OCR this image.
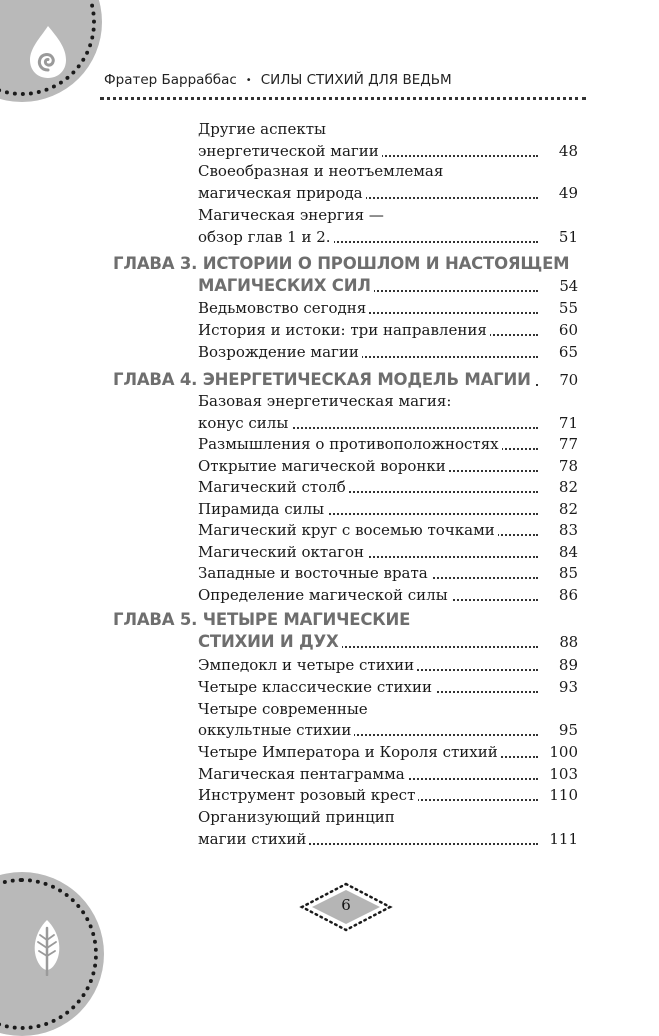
Фратер Барраббас • СИЛЫ СТИХИЙ ДЛЯ ВЕДЬМ
Другие аспекты
энергетической магии	48
Своеобразная и неотъемлемая
магическая природа	49
Магическая энергия —
обзор глав 1 и 2.	51
ГЛАВА 3. ИСТОРИИ О ПРОШЛОМ И НАСТОЯЩЕМ
МАГИЧЕСКИХ СИЛ	54
Ведьмовство сегодня	55
История и истоки: три направления	60
Возрождение магии	65
ГЛАВА 4. ЭНЕРГЕТИЧЕСКАЯ МОДЕЛЬ МАГИИ	70
Базовая энергетическая магия:
конус силы	71
Размышления о противоположностях	77
Открытие магической воронки	78
Магический столб	82
Пирамида силы	82
Магический круг с восемью точками	83
Магический октагон	84
Западные и восточные врата	85
Определение магической силы	86
ГЛАВА 5. ЧЕТЫРЕ МАГИЧЕСКИЕ
СТИХИИ И ДУХ	88
Эмпедокл и четыре стихии	89
Четыре классические стихии	93
Четыре современные
оккультные стихии	95
Четыре Императора и Короля стихий	100
Магическая пентаграмма	103
Инструмент розовый крест	110
Организующий принцип
магии стихий	111
6
